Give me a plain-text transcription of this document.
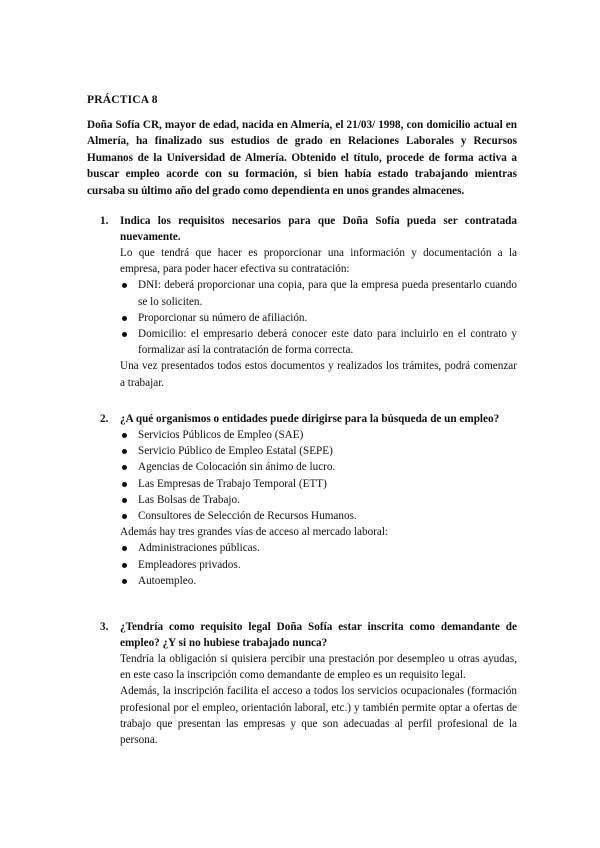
PRÁCTICA 8
Doña Sofía CR, mayor de edad, nacida en Almería, el 21/03/ 1998, con domicilio actual en Almería, ha finalizado sus estudios de grado en Relaciones Laborales y Recursos Humanos de la Universidad de Almería. Obtenido el título, procede de forma activa a buscar empleo acorde con su formación, si bien había estado trabajando mientras cursaba su último año del grado como dependienta en unos grandes almacenes.
1.	Indica los requisitos necesarios para que Doña Sofía pueda ser contratada nuevamente.

Lo que tendrá que hacer es proporcionar una información y documentación a la empresa, para poder hacer efectiva su contratación:

DNI: deberá proporcionar una copia, para que la empresa pueda presentarlo cuando se lo soliciten.
Proporcionar su número de afiliación.
Domicilio: el empresario deberá conocer este dato para incluirlo en el contrato y formalizar así la contratación de forma correcta.

Una vez presentados todos estos documentos y realizados los trámites, podrá comenzar a trabajar.

2.	¿A qué organismos o entidades puede dirigirse para la búsqueda de un empleo?
Servicios Públicos de Empleo (SAE)
Servicio Público de Empleo Estatal (SEPE)
Agencias de Colocación sin ánimo de lucro.
Las Empresas de Trabajo Temporal (ETT)
Las Bolsas de Trabajo.
Consultores de Selección de Recursos Humanos.

Además hay tres grandes vías de acceso al mercado laboral:

Administraciones públicas.
Empleadores privados.
Autoempleo.
3.	¿Tendría como requisito legal Doña Sofía estar inscrita como demandante de empleo? ¿Y si no hubiese trabajado nunca?

Tendría la obligación si quisiera percibir una prestación por desempleo u otras ayudas, en este caso la inscripción como demandante de empleo es un requisito legal.

Además, la inscripción facilita el acceso a todos los servicios ocupacionales (formación profesional por el empleo, orientación laboral, etc.) y también permite optar a ofertas de trabajo que presentan las empresas y que son adecuadas al perfil profesional de la persona.
